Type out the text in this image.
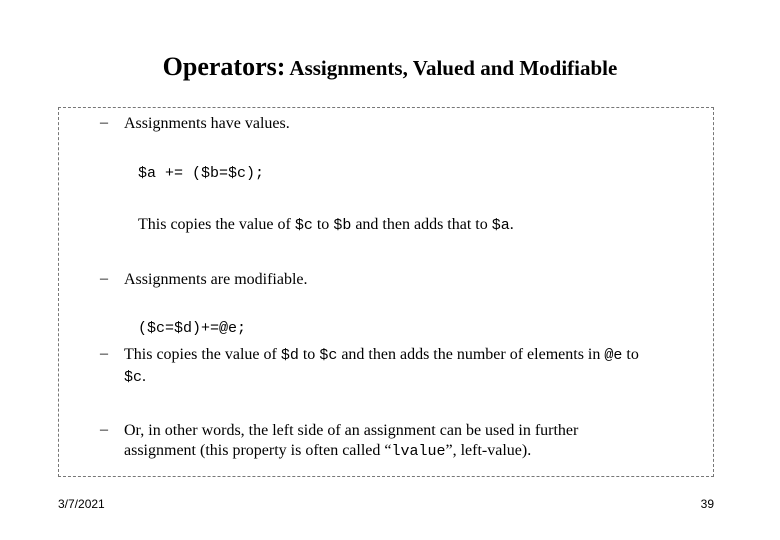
Operators: Assignments, Valued and Modifiable
– Assignments have values.
$a += ($b=$c);
This copies the value of $c to $b and then adds that to $a.
– Assignments are modifiable.
($c=$d)+=@e;
– This copies the value of $d to $c and then adds the number of elements in @e to
$c.
– Or, in other words, the left side of an assignment can be used in further
assignment (this property is often called “lvalue”, left-value).
3/7/2021	39
